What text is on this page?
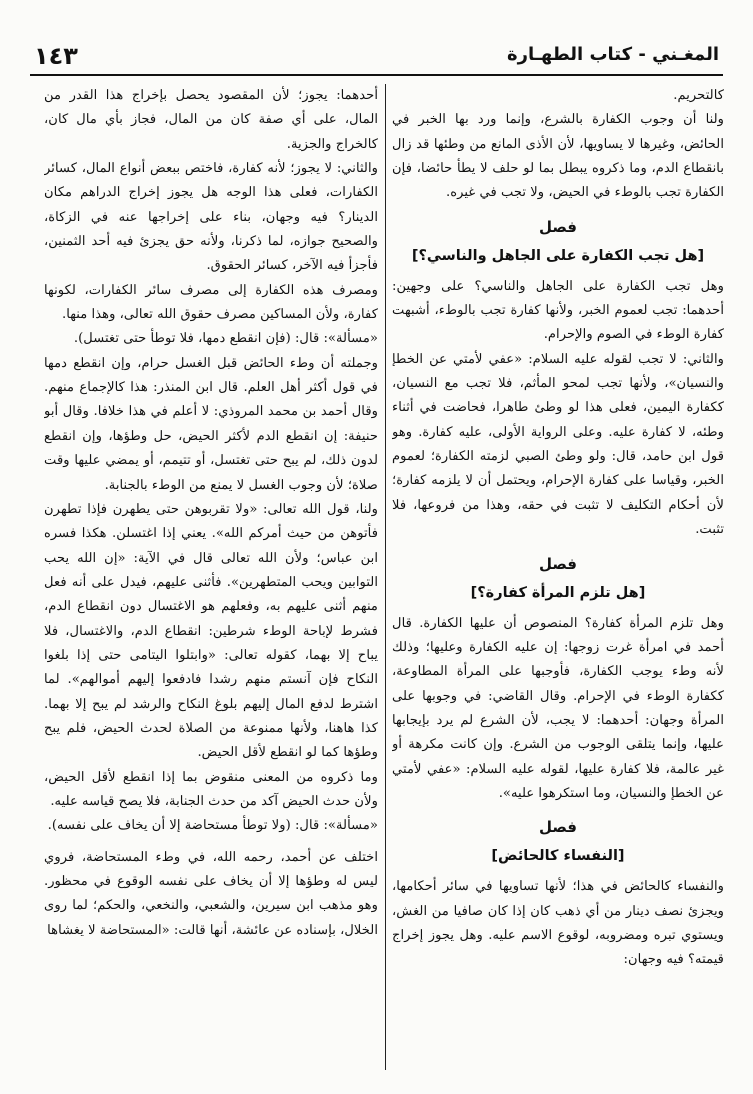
١٤٣	المغـني - كتاب الطهـارة

كالتحريم.

ولنا أن وجوب الكفارة بالشرع، وإنما ورد بها الخبر في الحائض، وغيرها لا يساويها، لأن الأذى المانع من وطئها قد زال بانقطاع الدم، وما ذكروه يبطل بما لو حلف لا يطأ حائضا، فإن الكفارة تجب بالوطء في الحيض، ولا تجب في غيره.

فصل
[هل تجب الكفارة على الجاهل والناسي؟]

وهل تجب الكفارة على الجاهل والناسي؟ على وجهين: أحدهما: تجب لعموم الخبر، ولأنها كفارة تجب بالوطء، أشبهت كفارة الوطء في الصوم والإحرام.

والثاني: لا تجب لقوله عليه السلام: «عفي لأمتي عن الخطإ والنسيان»، ولأنها تجب لمحو المأثم، فلا تجب مع النسيان، ككفارة اليمين، فعلى هذا لو وطئ طاهرا، فحاضت في أثناء وطئه، لا كفارة عليه. وعلى الرواية الأولى، عليه كفارة. وهو قول ابن حامد، قال: ولو وطئ الصبي لزمته الكفارة؛ لعموم الخبر، وقياسا على كفارة الإحرام، ويحتمل أن لا يلزمه كفارة؛ لأن أحكام التكليف لا تثبت في حقه، وهذا من فروعها، فلا تثبت.

فصل
[هل تلزم المرأة كفارة؟]

وهل تلزم المرأة كفارة؟ المنصوص أن عليها الكفارة. قال أحمد في امرأة غرت زوجها: إن عليه الكفارة وعليها؛ وذلك لأنه وطء يوجب الكفارة، فأوجبها على المرأة المطاوعة، ككفارة الوطء في الإحرام. وقال القاضي: في وجوبها على المرأة وجهان: أحدهما: لا يجب، لأن الشرع لم يرد بإيجابها عليها، وإنما يتلقى الوجوب من الشرع. وإن كانت مكرهة أو غير عالمة، فلا كفارة عليها، لقوله عليه السلام: «عفي لأمتي عن الخطإ والنسيان، وما استكرهوا عليه».

فصل
[النفساء كالحائض]

والنفساء كالحائض في هذا؛ لأنها تساويها في سائر أحكامها، ويجزئ نصف دينار من أي ذهب كان إذا كان صافيا من الغش، ويستوي تبره ومضروبه، لوقوع الاسم عليه. وهل يجوز إخراج قيمته؟ فيه وجهان:

أحدهما: يجوز؛ لأن المقصود يحصل بإخراج هذا القدر من المال، على أي صفة كان من المال، فجاز بأي مال كان، كالخراج والجزية.

والثاني: لا يجوز؛ لأنه كفارة، فاختص ببعض أنواع المال، كسائر الكفارات، فعلى هذا الوجه هل يجوز إخراج الدراهم مكان الدينار؟ فيه وجهان، بناء على إخراجها عنه في الزكاة، والصحيح جوازه، لما ذكرنا، ولأنه حق يجزئ فيه أحد الثمنين، فأجزأ فيه الآخر، كسائر الحقوق.

ومصرف هذه الكفارة إلى مصرف سائر الكفارات، لكونها كفارة، ولأن المساكين مصرف حقوق الله تعالى، وهذا منها.

«مسألة»: قال: (فإن انقطع دمها، فلا توطأ حتى تغتسل).

وجملته أن وطء الحائض قبل الغسل حرام، وإن انقطع دمها في قول أكثر أهل العلم. قال ابن المنذر: هذا كالإجماع منهم. وقال أحمد بن محمد المروذي: لا أعلم في هذا خلافا. وقال أبو حنيفة: إن انقطع الدم لأكثر الحيض، حل وطؤها، وإن انقطع لدون ذلك، لم يبح حتى تغتسل، أو تتيمم، أو يمضي عليها وقت صلاة؛ لأن وجوب الغسل لا يمنع من الوطء بالجنابة.

ولنا، قول الله تعالى: «ولا تقربوهن حتى يطهرن فإذا تطهرن فأتوهن من حيث أمركم الله». يعني إذا اغتسلن. هكذا فسره ابن عباس؛ ولأن الله تعالى قال في الآية: «إن الله يحب التوابين ويحب المتطهرين». فأثنى عليهم، فيدل على أنه فعل منهم أثنى عليهم به، وفعلهم هو الاغتسال دون انقطاع الدم، فشرط لإباحة الوطء شرطين: انقطاع الدم، والاغتسال، فلا يباح إلا بهما، كقوله تعالى: «وابتلوا اليتامى حتى إذا بلغوا النكاح فإن آنستم منهم رشدا فادفعوا إليهم أموالهم». لما اشترط لدفع المال إليهم بلوغ النكاح والرشد لم يبح إلا بهما. كذا هاهنا، ولأنها ممنوعة من الصلاة لحدث الحيض، فلم يبح وطؤها كما لو انقطع لأقل الحيض.

وما ذكروه من المعنى منقوض بما إذا انقطع لأقل الحيض، ولأن حدث الحيض آكد من حدث الجنابة، فلا يصح قياسه عليه.

«مسألة»: قال: (ولا توطأ مستحاضة إلا أن يخاف على نفسه).

اختلف عن أحمد، رحمه الله، في وطء المستحاضة، فروي ليس له وطؤها إلا أن يخاف على نفسه الوقوع في محظور. وهو مذهب ابن سيرين، والشعبي، والنخعي، والحكم؛ لما روى الخلال، بإسناده عن عائشة، أنها قالت: «المستحاضة لا يغشاها
